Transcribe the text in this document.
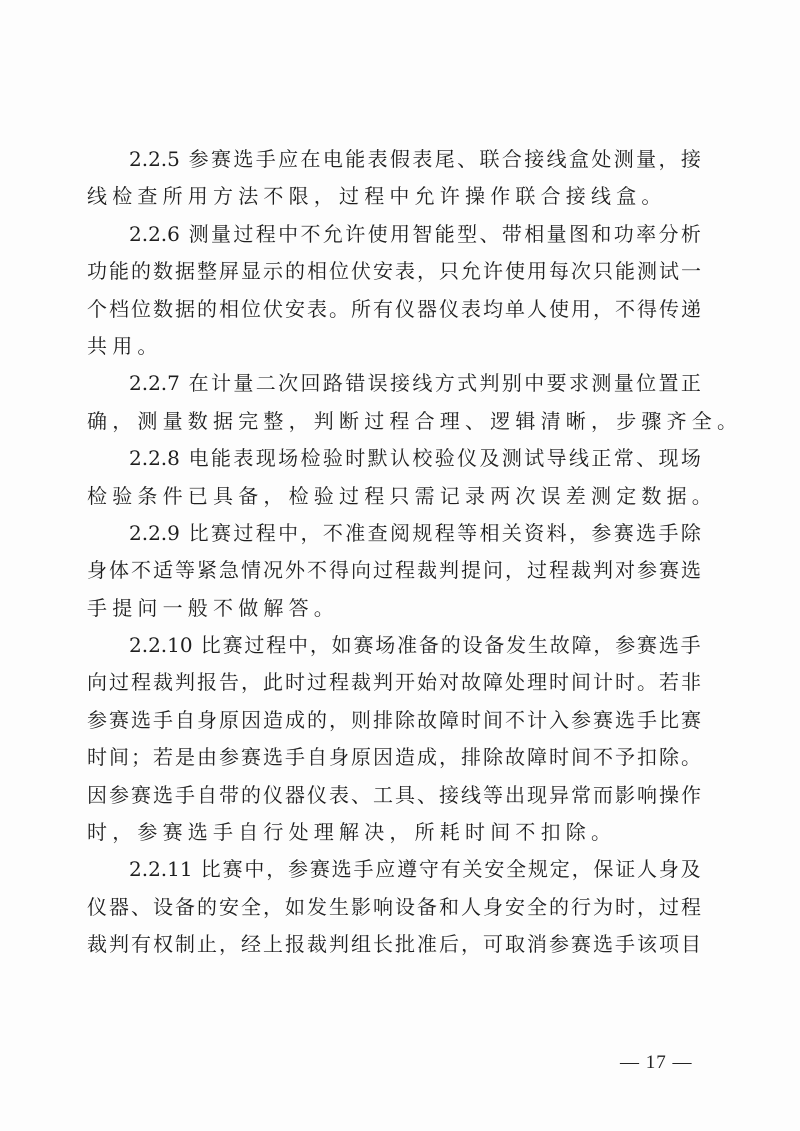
2.2.5 参 赛 选 手 应 在 电 能 表 假 表 尾 、 联 合 接 线 盒 处 测 量 ， 接
线检查所用方法不限，过程中允许操作联合接线盒。
2.2.6 测 量 过 程 中 不 允 许 使 用 智 能 型 、 带 相 量 图 和 功 率 分 析
功 能 的 数 据 整 屏 显 示 的 相 位 伏 安 表 ， 只 允 许 使 用 每 次 只 能 测 试 一
个 档 位 数 据 的 相 位 伏 安 表 。 所 有 仪 器 仪 表 均 单 人 使 用 ， 不 得 传 递
共用。
2.2.7 在 计 量 二 次 回 路 错 误 接 线 方 式 判 别 中 要 求 测 量 位 置 正
确，测量数据完整，判断过程合理、逻辑清晰，步骤齐全。
2.2.8 电 能 表 现 场 检 验 时 默 认 校 验 仪 及 测 试 导 线 正 常 、 现 场
检验条件已具备，检验过程只需记录两次误差测定数据。
2.2.9 比 赛 过 程 中 ， 不 准 查 阅 规 程 等 相 关 资 料 ， 参 赛 选 手 除
身 体 不 适 等 紧 急 情 况 外 不 得 向 过 程 裁 判 提 问 ， 过 程 裁 判 对 参 赛 选
手提问一般不做解答。
2.2.10 比 赛 过 程 中 ， 如 赛 场 准 备 的 设 备 发 生 故 障 ， 参 赛 选 手
向 过 程 裁 判 报 告 ， 此 时 过 程 裁 判 开 始 对 故 障 处 理 时 间 计 时 。 若 非
参 赛 选 手 自 身 原 因 造 成 的 ， 则 排 除 故 障 时 间 不 计 入 参 赛 选 手 比 赛
时 间 ； 若 是 由 参 赛 选 手 自 身 原 因 造 成 ， 排 除 故 障 时 间 不 予 扣 除 。
因 参 赛 选 手 自 带 的 仪 器 仪 表 、 工 具 、 接 线 等 出 现 异 常 而 影 响 操 作
时，参赛选手自行处理解决，所耗时间不扣除。
2.2.11 比 赛 中 ， 参 赛 选 手 应 遵 守 有 关 安 全 规 定 ， 保 证 人 身 及
仪 器 、 设 备 的 安 全 ， 如 发 生 影 响 设 备 和 人 身 安 全 的 行 为 时 ， 过 程
裁 判 有 权 制 止 ， 经 上 报 裁 判 组 长 批 准 后 ， 可 取 消 参 赛 选 手 该 项 目
— 17 —
